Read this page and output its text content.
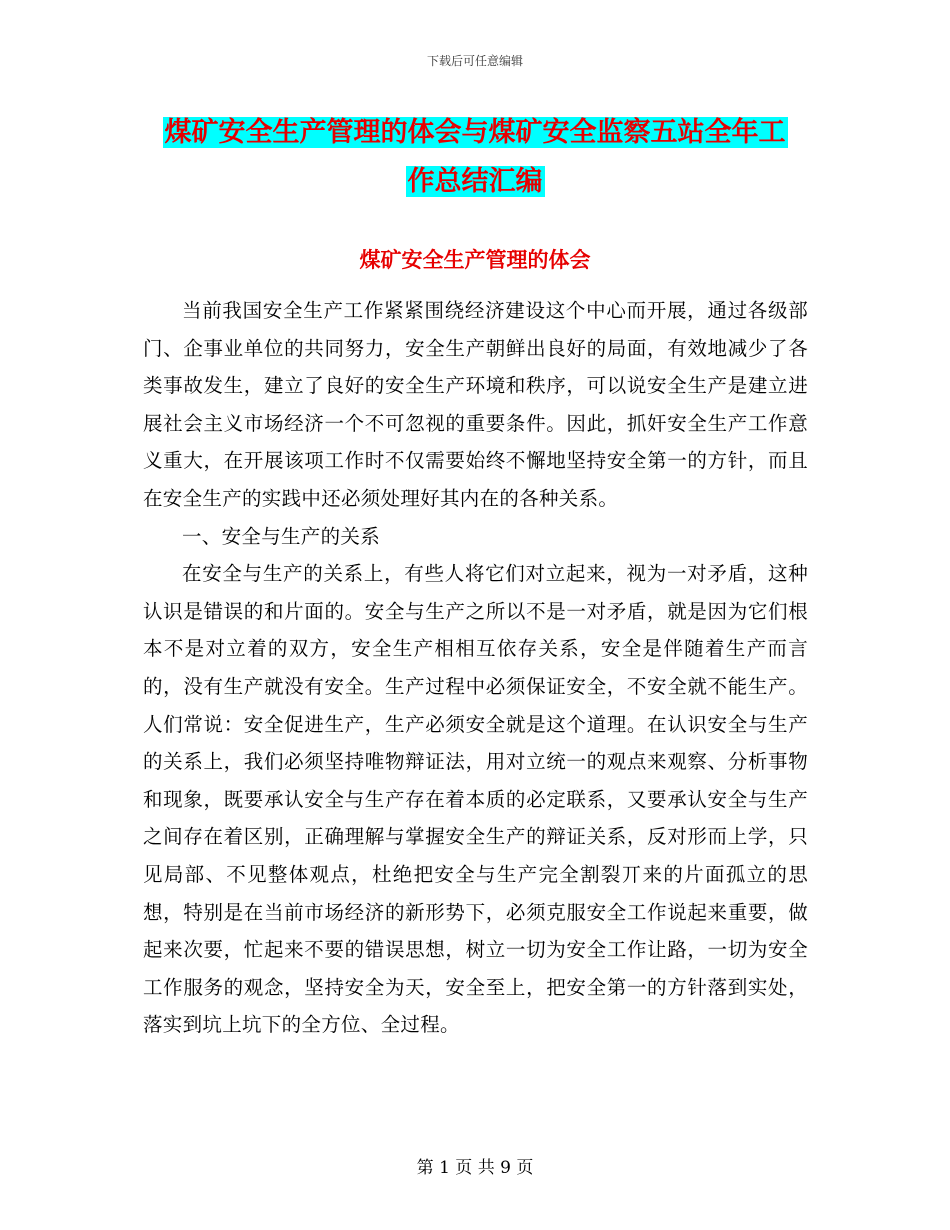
下载后可任意编辑
煤矿安全生产管理的体会与煤矿安全监察五站全年工
作总结汇编
煤矿安全生产管理的体会

当前我国安全生产工作紧紧围绕经济建设这个中心而开展，通过各级部门、企事业单位的共同努力，安全生产朝鲜出良好的局面，有效地减少了各类事故发生，建立了良好的安全生产环境和秩序，可以说安全生产是建立进展社会主义市场经济一个不可忽视的重要条件。因此，抓奸安全生产工作意义重大，在开展该项工作时不仅需要始终不懈地坚持安全第一的方针，而且在安全生产的实践中还必须处理好其内在的各种关系。

一、安全与生产的关系

在安全与生产的关系上，有些人将它们对立起来，视为一对矛盾，这种认识是错误的和片面的。安全与生产之所以不是一对矛盾，就是因为它们根本不是对立着的双方，安全生产相相互依存关系，安全是伴随着生产而言的，没有生产就没有安全。生产过程中必须保证安全，不安全就不能生产。人们常说：安全促进生产，生产必须安全就是这个道理。在认识安全与生产的关系上，我们必须坚持唯物辩证法，用对立统一的观点来观察、分析事物和现象，既要承认安全与生产存在着本质的必定联系，又要承认安全与生产之间存在着区别，正确理解与掌握安全生产的辩证关系，反对形而上学，只见局部、不见整体观点，杜绝把安全与生产完全割裂丌来的片面孤立的思想，特别是在当前市场经济的新形势下，必须克服安全工作说起来重要，做起来次要，忙起来不要的错误思想，树立一切为安全工作让路，一切为安全工作服务的观念，坚持安全为天，安全至上，把安全第一的方针落到实处，落实到坑上坑下的全方位、全过程。

第 1 页 共 9 页
